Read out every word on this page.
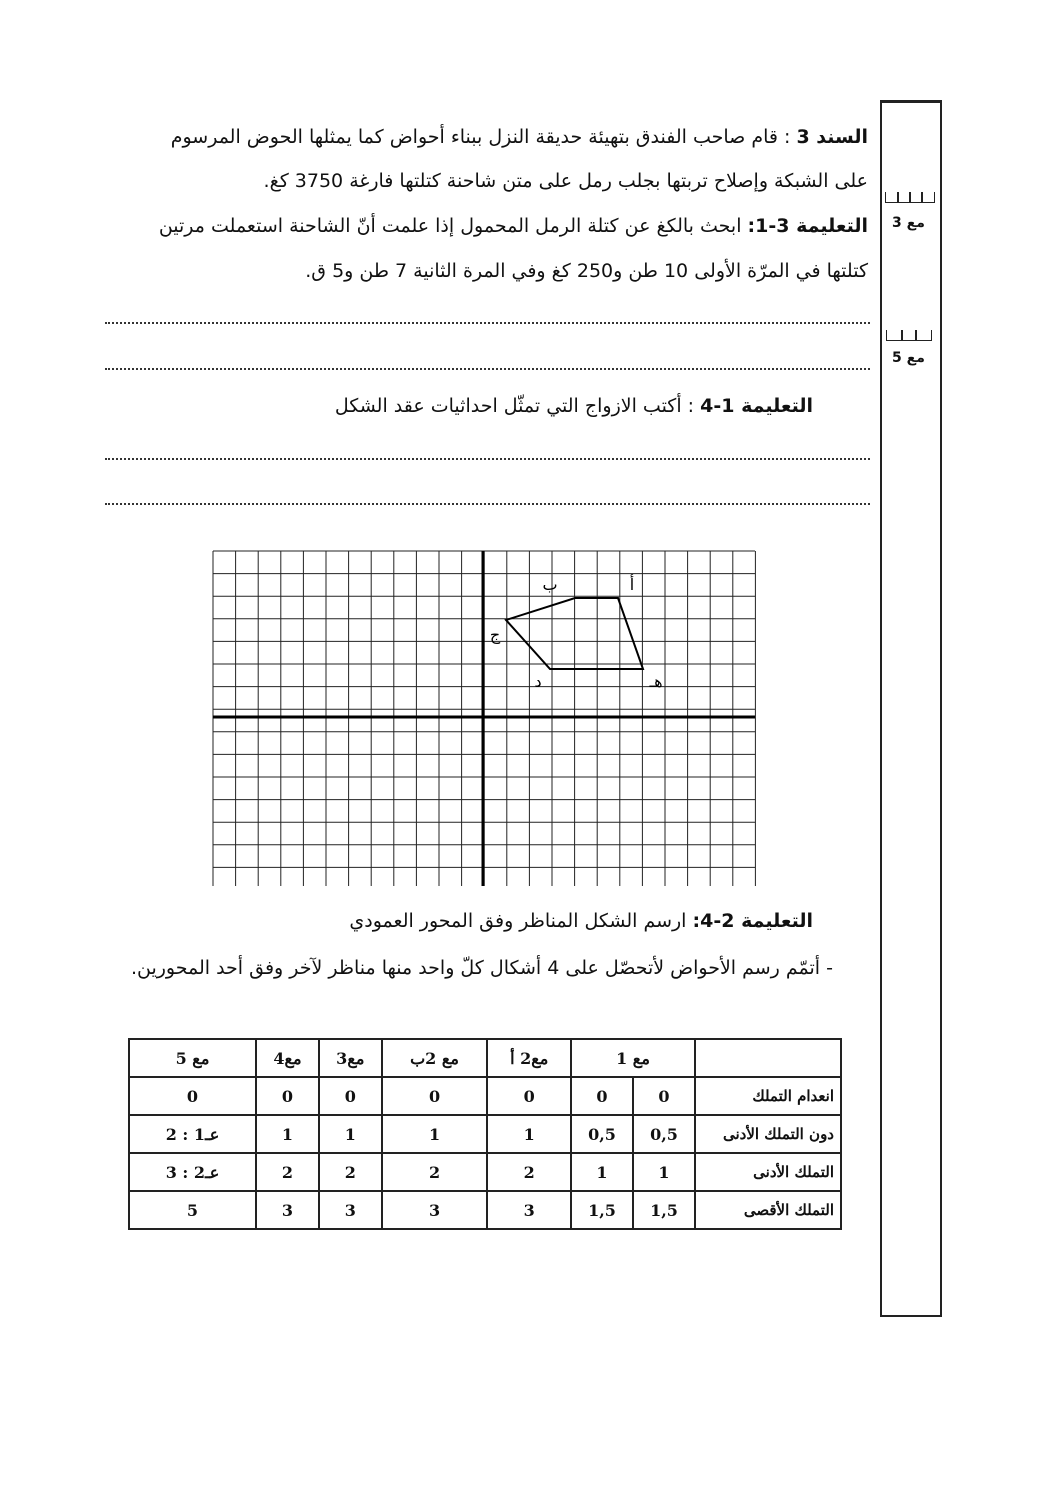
مع 3
مع 5
السند 3 : قام صاحب الفندق بتهيئة حديقة النزل ببناء أحواض كما يمثلها الحوض المرسوم
على الشبكة وإصلاح تربتها بجلب رمل على متن شاحنة كتلتها فارغة 3750 كغ.
التعليمة 3-1: ابحث بالكغ عن كتلة الرمل المحمول إذا علمت أنّ الشاحنة استعملت مرتين
كتلتها في المرّة الأولى 10 طن و250 كغ وفي المرة الثانية 7 طن و5 ق.
التعليمة 1-4 : أكتب الازواج التي تمثّل احداثيات عقد الشكل
أ
ب
ج
د	هـ
التعليمة 2-4: ارسم الشكل المناظر وفق المحور العمودي
- أتمّم رسم الأحواض لأتحصّل على 4 أشكال كلّ واحد منها مناظر لآخر وفق أحد المحورين.
	مع 1		مع2 أ	مع 2ب	مع3	مع4	مع 5
انعدام التملك	0	0	0	0	0	0	0
دون التملك الأدنى	0,5	0,5	1	1	1	1	عـ1 : 2
التملك الأدنى	1	1	2	2	2	2	عـ2 : 3
التملك الأقصى	1,5	1,5	3	3	3	3	5
